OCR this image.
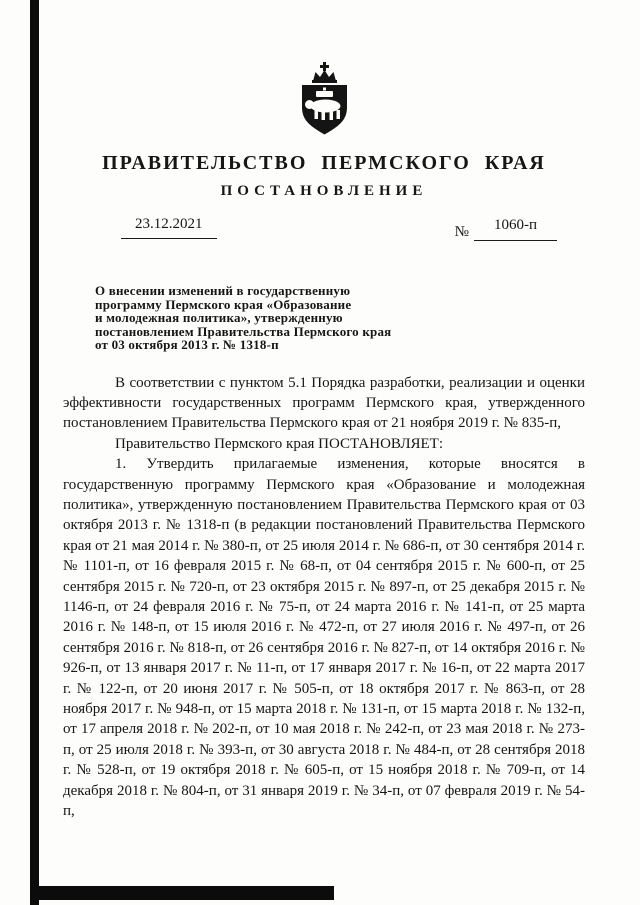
ПРАВИТЕЛЬСТВО ПЕРМСКОГО КРАЯ
ПОСТАНОВЛЕНИЕ
23.12.2021	№ 1060-п
О внесении изменений в государственную
программу Пермского края «Образование
и молодежная политика», утвержденную
постановлением Правительства Пермского края
от 03 октября 2013 г. № 1318-п

В соответствии с пунктом 5.1 Порядка разработки, реализации и оценки эффективности государственных программ Пермского края, утвержденного постановлением Правительства Пермского края от 21 ноября 2019 г. № 835-п,

Правительство Пермского края ПОСТАНОВЛЯЕТ:

1. Утвердить прилагаемые изменения, которые вносятся в государственную программу Пермского края «Образование и молодежная политика», утвержденную постановлением Правительства Пермского края от 03 октября 2013 г. № 1318-п (в редакции постановлений Правительства Пермского края от 21 мая 2014 г. № 380-п, от 25 июля 2014 г. № 686-п, от 30 сентября 2014 г. № 1101-п, от 16 февраля 2015 г. № 68-п, от 04 сентября 2015 г. № 600-п, от 25 сентября 2015 г. № 720-п, от 23 октября 2015 г. № 897-п, от 25 декабря 2015 г. № 1146-п, от 24 февраля 2016 г. № 75-п, от 24 марта 2016 г. № 141-п, от 25 марта 2016 г. № 148-п, от 15 июля 2016 г. № 472-п, от 27 июля 2016 г. № 497-п, от 26 сентября 2016 г. № 818-п, от 26 сентября 2016 г. № 827-п, от 14 октября 2016 г. № 926-п, от 13 января 2017 г. № 11-п, от 17 января 2017 г. № 16-п, от 22 марта 2017 г. № 122-п, от 20 июня 2017 г. № 505-п, от 18 октября 2017 г. № 863-п, от 28 ноября 2017 г. № 948-п, от 15 марта 2018 г. № 131-п, от 15 марта 2018 г. № 132-п, от 17 апреля 2018 г. № 202-п, от 10 мая 2018 г. № 242-п, от 23 мая 2018 г. № 273-п, от 25 июля 2018 г. № 393-п, от 30 августа 2018 г. № 484-п, от 28 сентября 2018 г. № 528-п, от 19 октября 2018 г. № 605-п, от 15 ноября 2018 г. № 709-п, от 14 декабря 2018 г. № 804-п, от 31 января 2019 г. № 34-п, от 07 февраля 2019 г. № 54-п,
